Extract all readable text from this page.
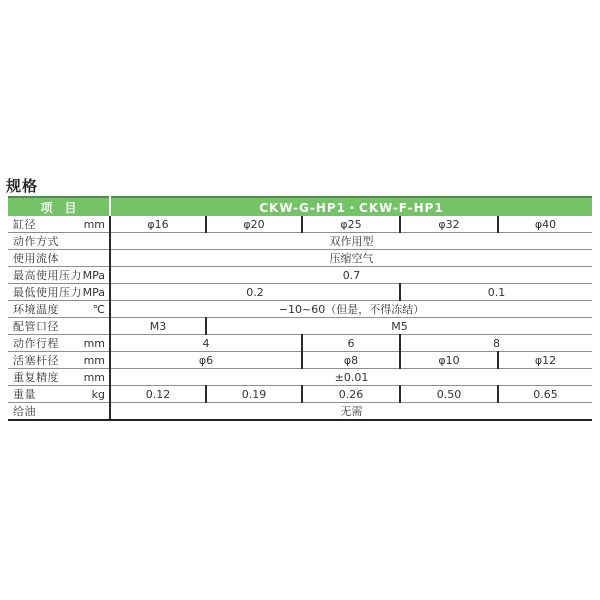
规格
项　目	CKW-G-HP1・CKW-F-HP1				

缸径 mm	φ16	φ20	φ25	φ32	φ40

动作方式	双作用型				

使用流体	压缩空气				

最高使用压力 MPa	0.7				

最低使用压力 MPa	0.2			0.1	

环境温度 ℃	−10~60（但是，不得冻结）				

配管口径	M3	M5			

动作行程 mm	4		6	8	

活塞杆径 mm	φ6		φ8	φ10	φ12

重复精度 mm	±0.01				

重量 kg	0.12	0.19	0.26	0.50	0.65

给油	无需				
